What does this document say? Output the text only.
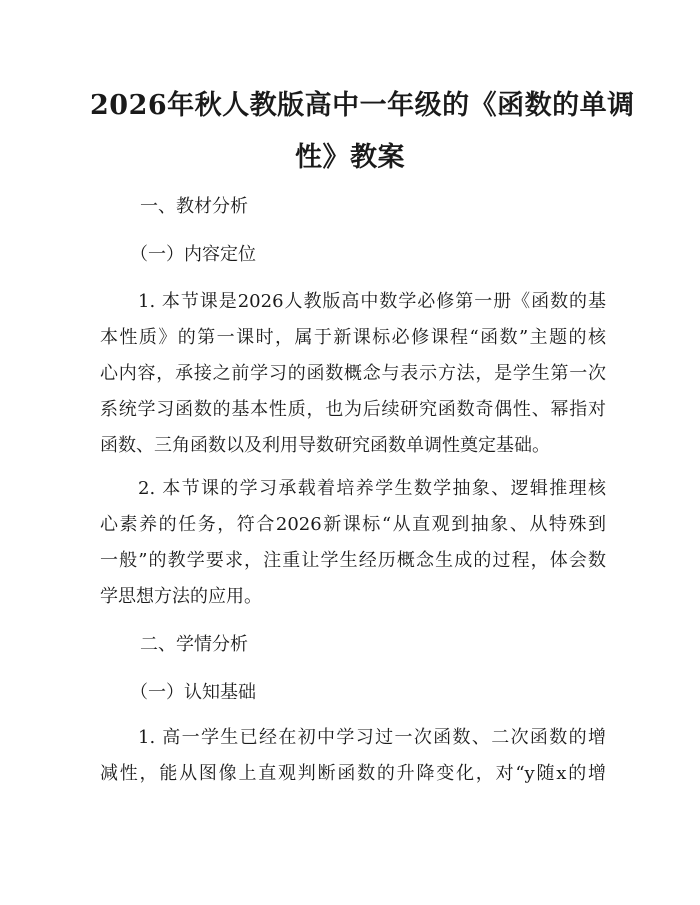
2026年秋人教版高中一年级的《函数的单调
性》教案
一、教材分析
（一）内容定位
1. 本节课是2026人教版高中数学必修第一册《函数的基
本性质》的第一课时，属于新课标必修课程“函数”主题的核
心内容，承接之前学习的函数概念与表示方法，是学生第一次
系统学习函数的基本性质，也为后续研究函数奇偶性、幂指对
函数、三角函数以及利用导数研究函数单调性奠定基础。
2. 本节课的学习承载着培养学生数学抽象、逻辑推理核
心素养的任务，符合2026新课标“从直观到抽象、从特殊到
一般”的教学要求，注重让学生经历概念生成的过程，体会数
学思想方法的应用。
二、学情分析
（一）认知基础
1. 高一学生已经在初中学习过一次函数、二次函数的增
减性，能从图像上直观判断函数的升降变化，对“y随x的增
